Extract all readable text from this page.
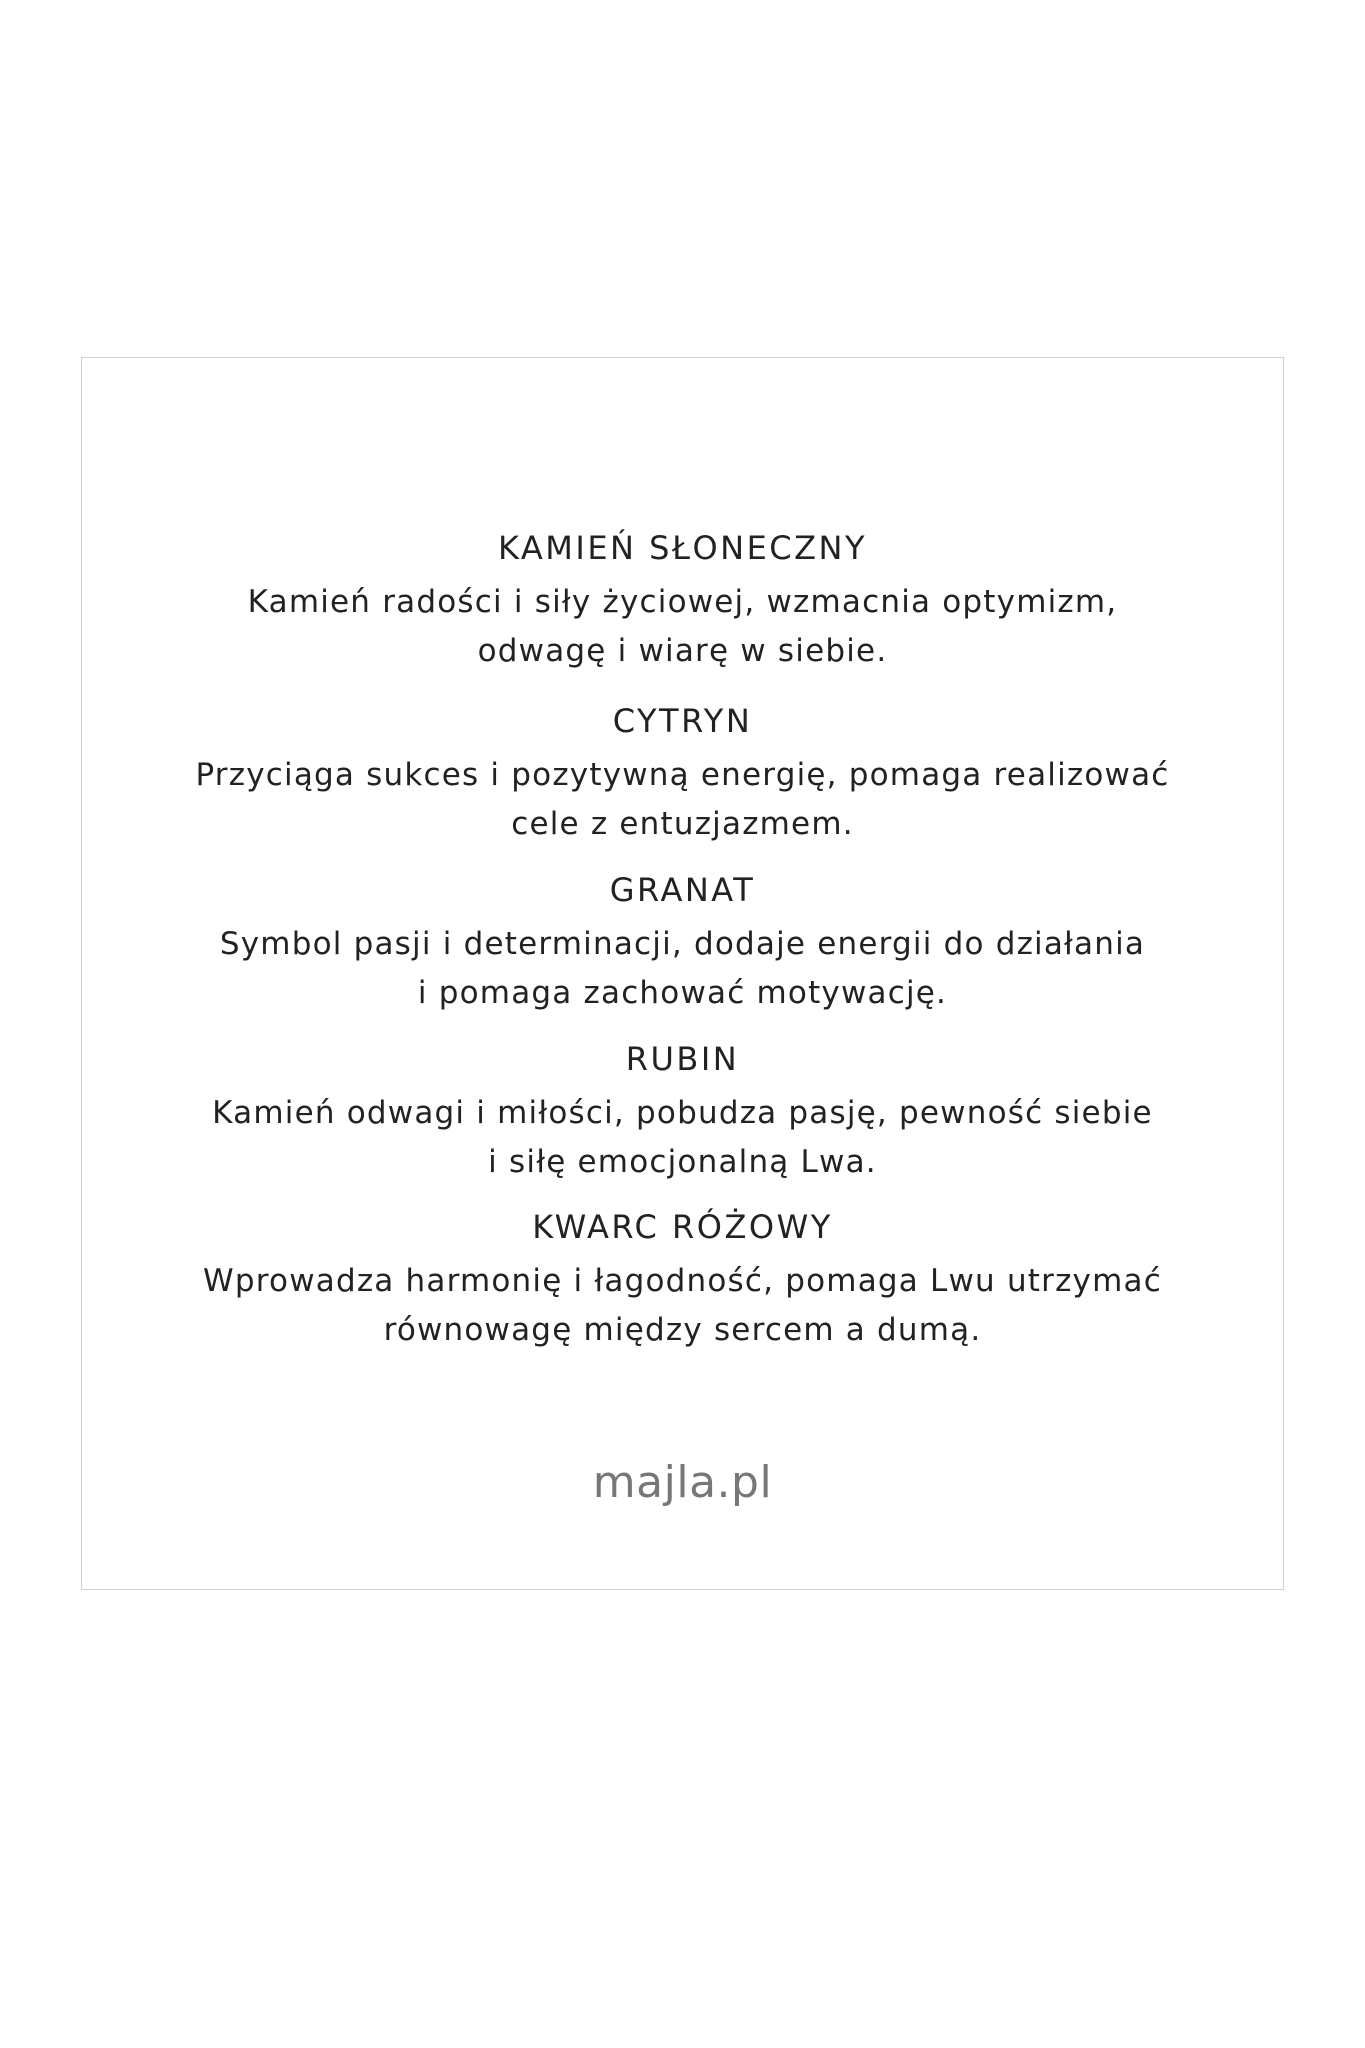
KAMIEŃ SŁONECZNY
Kamień radości i siły życiowej, wzmacnia optymizm,
odwagę i wiarę w siebie.
CYTRYN
Przyciąga sukces i pozytywną energię, pomaga realizować
cele z entuzjazmem.
GRANAT
Symbol pasji i determinacji, dodaje energii do działania
i pomaga zachować motywację.
RUBIN
Kamień odwagi i miłości, pobudza pasję, pewność siebie
i siłę emocjonalną Lwa.
KWARC RÓŻOWY
Wprowadza harmonię i łagodność, pomaga Lwu utrzymać
równowagę między sercem a dumą.
majla.pl
